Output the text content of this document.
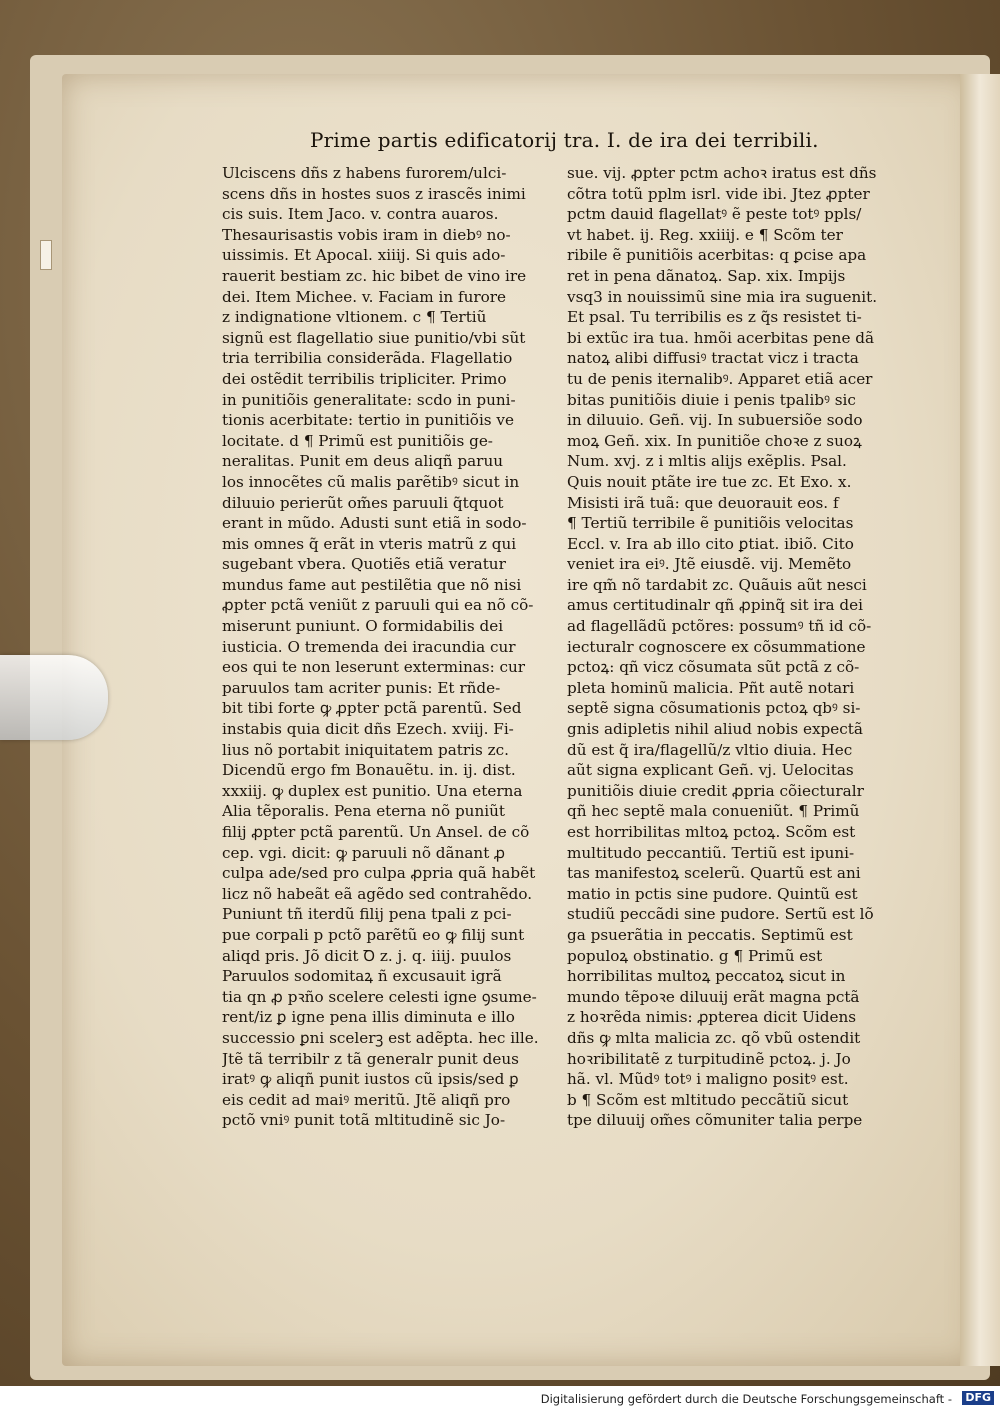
Prime partis edificatorij tra. I. de ira dei terribili.
Ulciscens dñs z habens furorem/ulci-
scens dñs in hostes suos z irascẽs inimi
cis suis. Item Jaco. v. contra auaros.
Thesaurisastis vobis iram in diebꝰ no-
uissimis. Et Apocal. xiiij. Si quis ado-
rauerit bestiam zc. hic bibet de vino ire
dei. Item Michee. v. Faciam in furore
z indignatione vltionem. c ¶ Tertiũ
signũ est flagellatio siue punitio/vbi sũt
tria terribilia considerãda. Flagellatio
dei ostẽdit terribilis tripliciter. Primo
in punitiõis generalitate: scdo in puni-
tionis acerbitate: tertio in punitiõis ve
locitate. d ¶ Primũ est punitiõis ge-
neralitas. Punit em deus aliqñ paruu
los innocẽtes cũ malis parẽtibꝰ sicut in
diluuio perierũt om̃es paruuli q̃tquot
erant in mũdo. Adusti sunt etiã in sodo-
mis omnes q̃ erãt in vteris matrũ z qui
sugebant vbera. Quotiẽs etiã veratur
mundus fame aut pestilẽtia que nõ nisi
ꝓpter pctã veniũt z paruuli qui ea nõ cõ-
miserunt puniunt. O formidabilis dei
iusticia. O tremenda dei iracundia cur
eos qui te non leserunt exterminas: cur
paruulos tam acriter punis: Et rñde-
bit tibi forte ꝙ ꝓpter pctã parentũ. Sed
instabis quia dicit dñs Ezech. xviij. Fi-
lius nõ portabit iniquitatem patris zc.
Dicendũ ergo fm Bonauẽtu. in. ij. dist.
xxxiij. ꝙ duplex est punitio. Una eterna
Alia tẽporalis. Pena eterna nõ puniũt
filij ꝓpter pctã parentũ. Un Ansel. de cõ
cep. vgi. dicit: ꝙ paruuli nõ dãnant ꝓ
culpa ade/sed pro culpa ꝓpria quã habẽt
licz nõ habeãt eã agẽdo sed contrahẽdo.
Puniunt tñ iterdũ filij pena tpali z pci-
pue corpali p pctõ parẽtũ eo ꝙ filij sunt
aliqd pris. Jõ dicit Ꝺ z. j. q. iiij. puulos
Paruulos sodomitaꝝ ñ excusauit igrã
tia qn ꝓ pꝛño scelere celesti igne ꝯsume-
rent/iz ꝑ igne pena illis diminuta e illo
successio ꝑni scelerꝫ est adẽpta. hec ille.
Jtẽ tã terribilr z tã generalr punit deus
iratꝰ ꝙ aliqñ punit iustos cũ ipsis/sed ꝑ
eis cedit ad maiꝰ meritũ. Jtẽ aliqñ pro
pctõ vniꝰ punit totã mltitudinẽ sic Jo-
sue. vij. ꝓpter pctm achoꝛ iratus est dñs
cõtra totũ pplm isrl. vide ibi. Jtez ꝓpter
pctm dauid flagellatꝰ ẽ peste totꝰ ppls/
vt habet. ij. Reg. xxiiij. e ¶ Scõm ter
ribile ẽ punitiõis acerbitas: q ꝑcise apa
ret in pena dãnatoꝝ. Sap. xix. Impijs
vsq3 in nouissimũ sine mia ira suguenit.
Et psal. Tu terribilis es z q̃s resistet ti-
bi extũc ira tua. hmõi acerbitas pene dã
natoꝝ alibi diffusiꝰ tractat vicz i tracta
tu de penis iternalibꝰ. Apparet etiã acer
bitas punitiõis diuie i penis tpalibꝰ sic
in diluuio. Geñ. vij. In subuersiõe sodo
moꝝ Geñ. xix. In punitiõe choꝛe z suoꝝ
Num. xvj. z i mltis alijs exẽplis. Psal.
Quis nouit ptãte ire tue zc. Et Exo. x.
Misisti irã tuã: que deuorauit eos. f
¶ Tertiũ terribile ẽ punitiõis velocitas
Eccl. v. Ira ab illo cito ꝑtiat. ibiõ. Cito
veniet ira eiꝰ. Jtẽ eiusdẽ. vij. Memẽto
ire qm̃ nõ tardabit zc. Quãuis aũt nesci
amus certitudinalr qñ ꝓpinq̃ sit ira dei
ad flagellãdũ pctõres: possumꝰ tñ id cõ-
iecturalr cognoscere ex cõsummatione
pctoꝝ: qñ vicz cõsumata sũt pctã z cõ-
pleta hominũ malicia. Pñt autẽ notari
septẽ signa cõsumationis pctoꝝ qbꝰ si-
gnis adipletis nihil aliud nobis expectã
dũ est q̃ ira/flagellũ/z vltio diuia. Hec
aũt signa explicant Geñ. vj. Uelocitas
punitiõis diuie credit ꝓpria cõiecturalr
qñ hec septẽ mala conueniũt. ¶ Primũ
est horribilitas mltoꝝ pctoꝝ. Scõm est
multitudo peccantiũ. Tertiũ est ipuni-
tas manifestoꝝ scelerũ. Quartũ est ani
matio in pctis sine pudore. Quintũ est
studiũ peccãdi sine pudore. Sertũ est lõ
ga psuerãtia in peccatis. Septimũ est
populoꝝ obstinatio. g ¶ Primũ est
horribilitas multoꝝ peccatoꝝ sicut in
mundo tẽpoꝛe diluuij erãt magna pctã
z hoꝛrẽda nimis: ꝓpterea dicit Uidens
dñs ꝙ mlta malicia zc. qõ vbũ ostendit
hoꝛribilitatẽ z turpitudinẽ pctoꝝ. j. Jo
hã. vl. Mũdꝰ totꝰ i maligno positꝰ est.
b ¶ Scõm est mltitudo peccãtiũ sicut
tpe diluuij om̃es cõmuniter talia perpe
Digitalisierung gefördert durch die Deutsche Forschungsgemeinschaft - DFG
